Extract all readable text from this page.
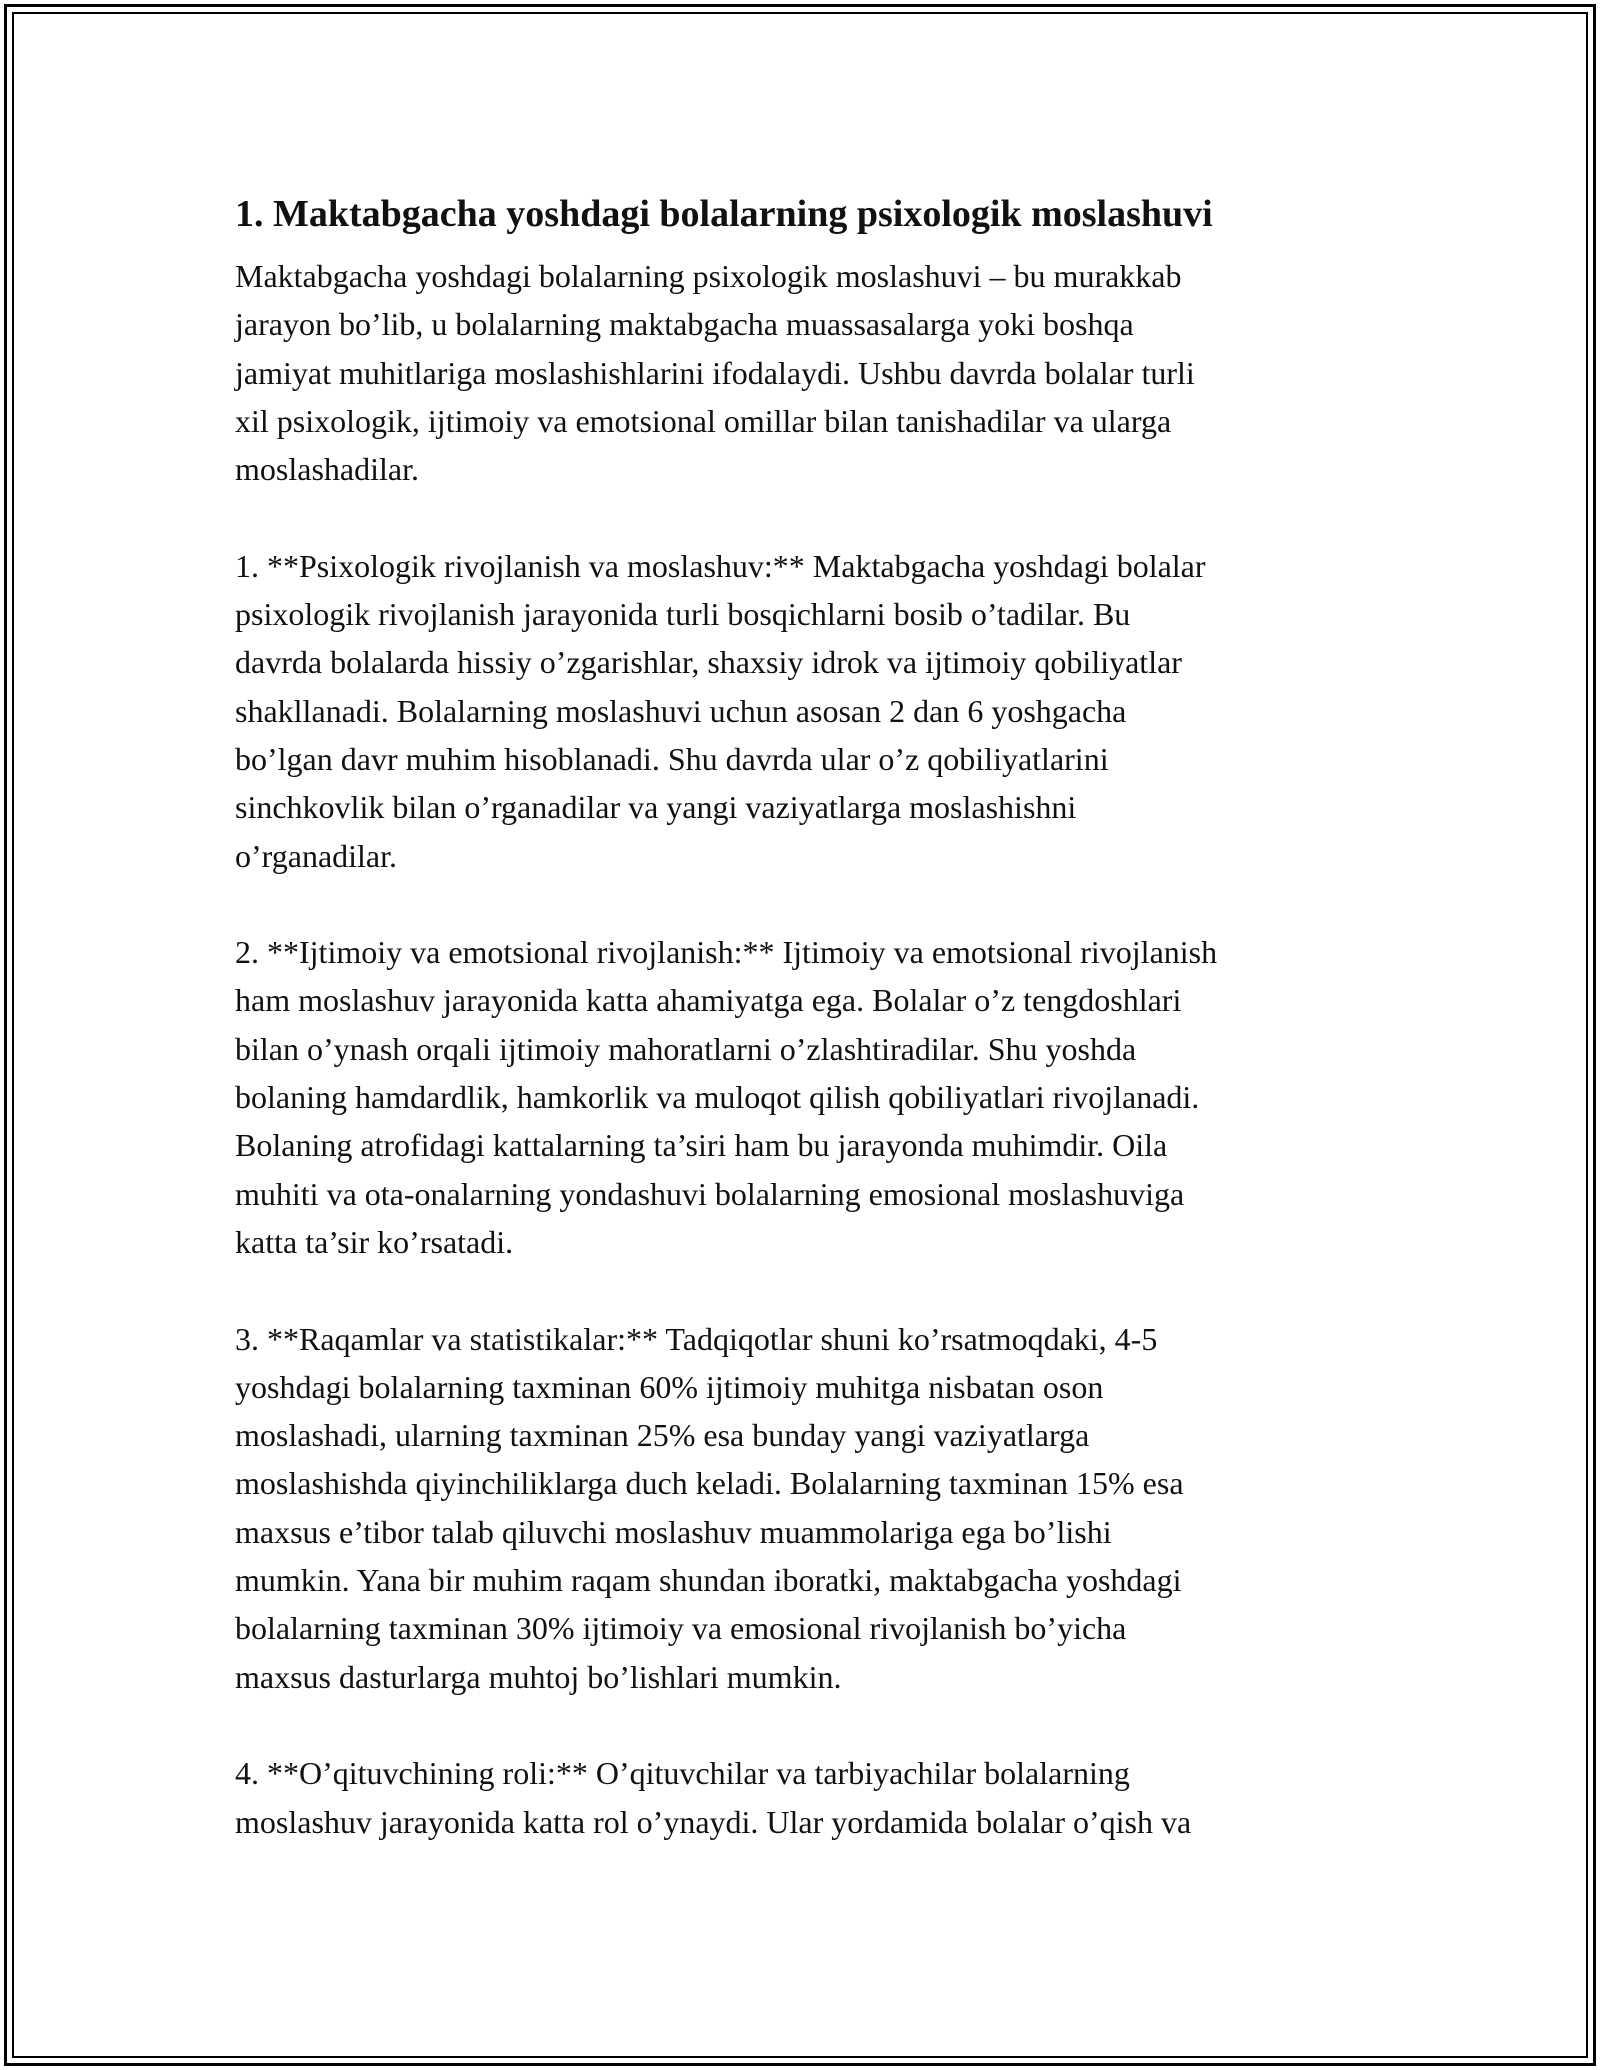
1. Maktabgacha yoshdagi bolalarning psixologik moslashuvi

Maktabgacha yoshdagi bolalarning psixologik moslashuvi – bu murakkab
jarayon bo’lib, u bolalarning maktabgacha muassasalarga yoki boshqa
jamiyat muhitlariga moslashishlarini ifodalaydi. Ushbu davrda bolalar turli
xil psixologik, ijtimoiy va emotsional omillar bilan tanishadilar va ularga
moslashadilar.

1. **Psixologik rivojlanish va moslashuv:** Maktabgacha yoshdagi bolalar
psixologik rivojlanish jarayonida turli bosqichlarni bosib o’tadilar. Bu
davrda bolalarda hissiy o’zgarishlar, shaxsiy idrok va ijtimoiy qobiliyatlar
shakllanadi. Bolalarning moslashuvi uchun asosan 2 dan 6 yoshgacha
bo’lgan davr muhim hisoblanadi. Shu davrda ular o’z qobiliyatlarini
sinchkovlik bilan o’rganadilar va yangi vaziyatlarga moslashishni
o’rganadilar.

2. **Ijtimoiy va emotsional rivojlanish:** Ijtimoiy va emotsional rivojlanish
ham moslashuv jarayonida katta ahamiyatga ega. Bolalar o’z tengdoshlari
bilan o’ynash orqali ijtimoiy mahoratlarni o’zlashtiradilar. Shu yoshda
bolaning hamdardlik, hamkorlik va muloqot qilish qobiliyatlari rivojlanadi.
Bolaning atrofidagi kattalarning ta’siri ham bu jarayonda muhimdir. Oila
muhiti va ota-onalarning yondashuvi bolalarning emosional moslashuviga
katta ta’sir ko’rsatadi.

3. **Raqamlar va statistikalar:** Tadqiqotlar shuni ko’rsatmoqdaki, 4-5
yoshdagi bolalarning taxminan 60% ijtimoiy muhitga nisbatan oson
moslashadi, ularning taxminan 25% esa bunday yangi vaziyatlarga
moslashishda qiyinchiliklarga duch keladi. Bolalarning taxminan 15% esa
maxsus e’tibor talab qiluvchi moslashuv muammolariga ega bo’lishi
mumkin. Yana bir muhim raqam shundan iboratki, maktabgacha yoshdagi
bolalarning taxminan 30% ijtimoiy va emosional rivojlanish bo’yicha
maxsus dasturlarga muhtoj bo’lishlari mumkin.

4. **O’qituvchining roli:** O’qituvchilar va tarbiyachilar bolalarning
moslashuv jarayonida katta rol o’ynaydi. Ular yordamida bolalar o’qish va
